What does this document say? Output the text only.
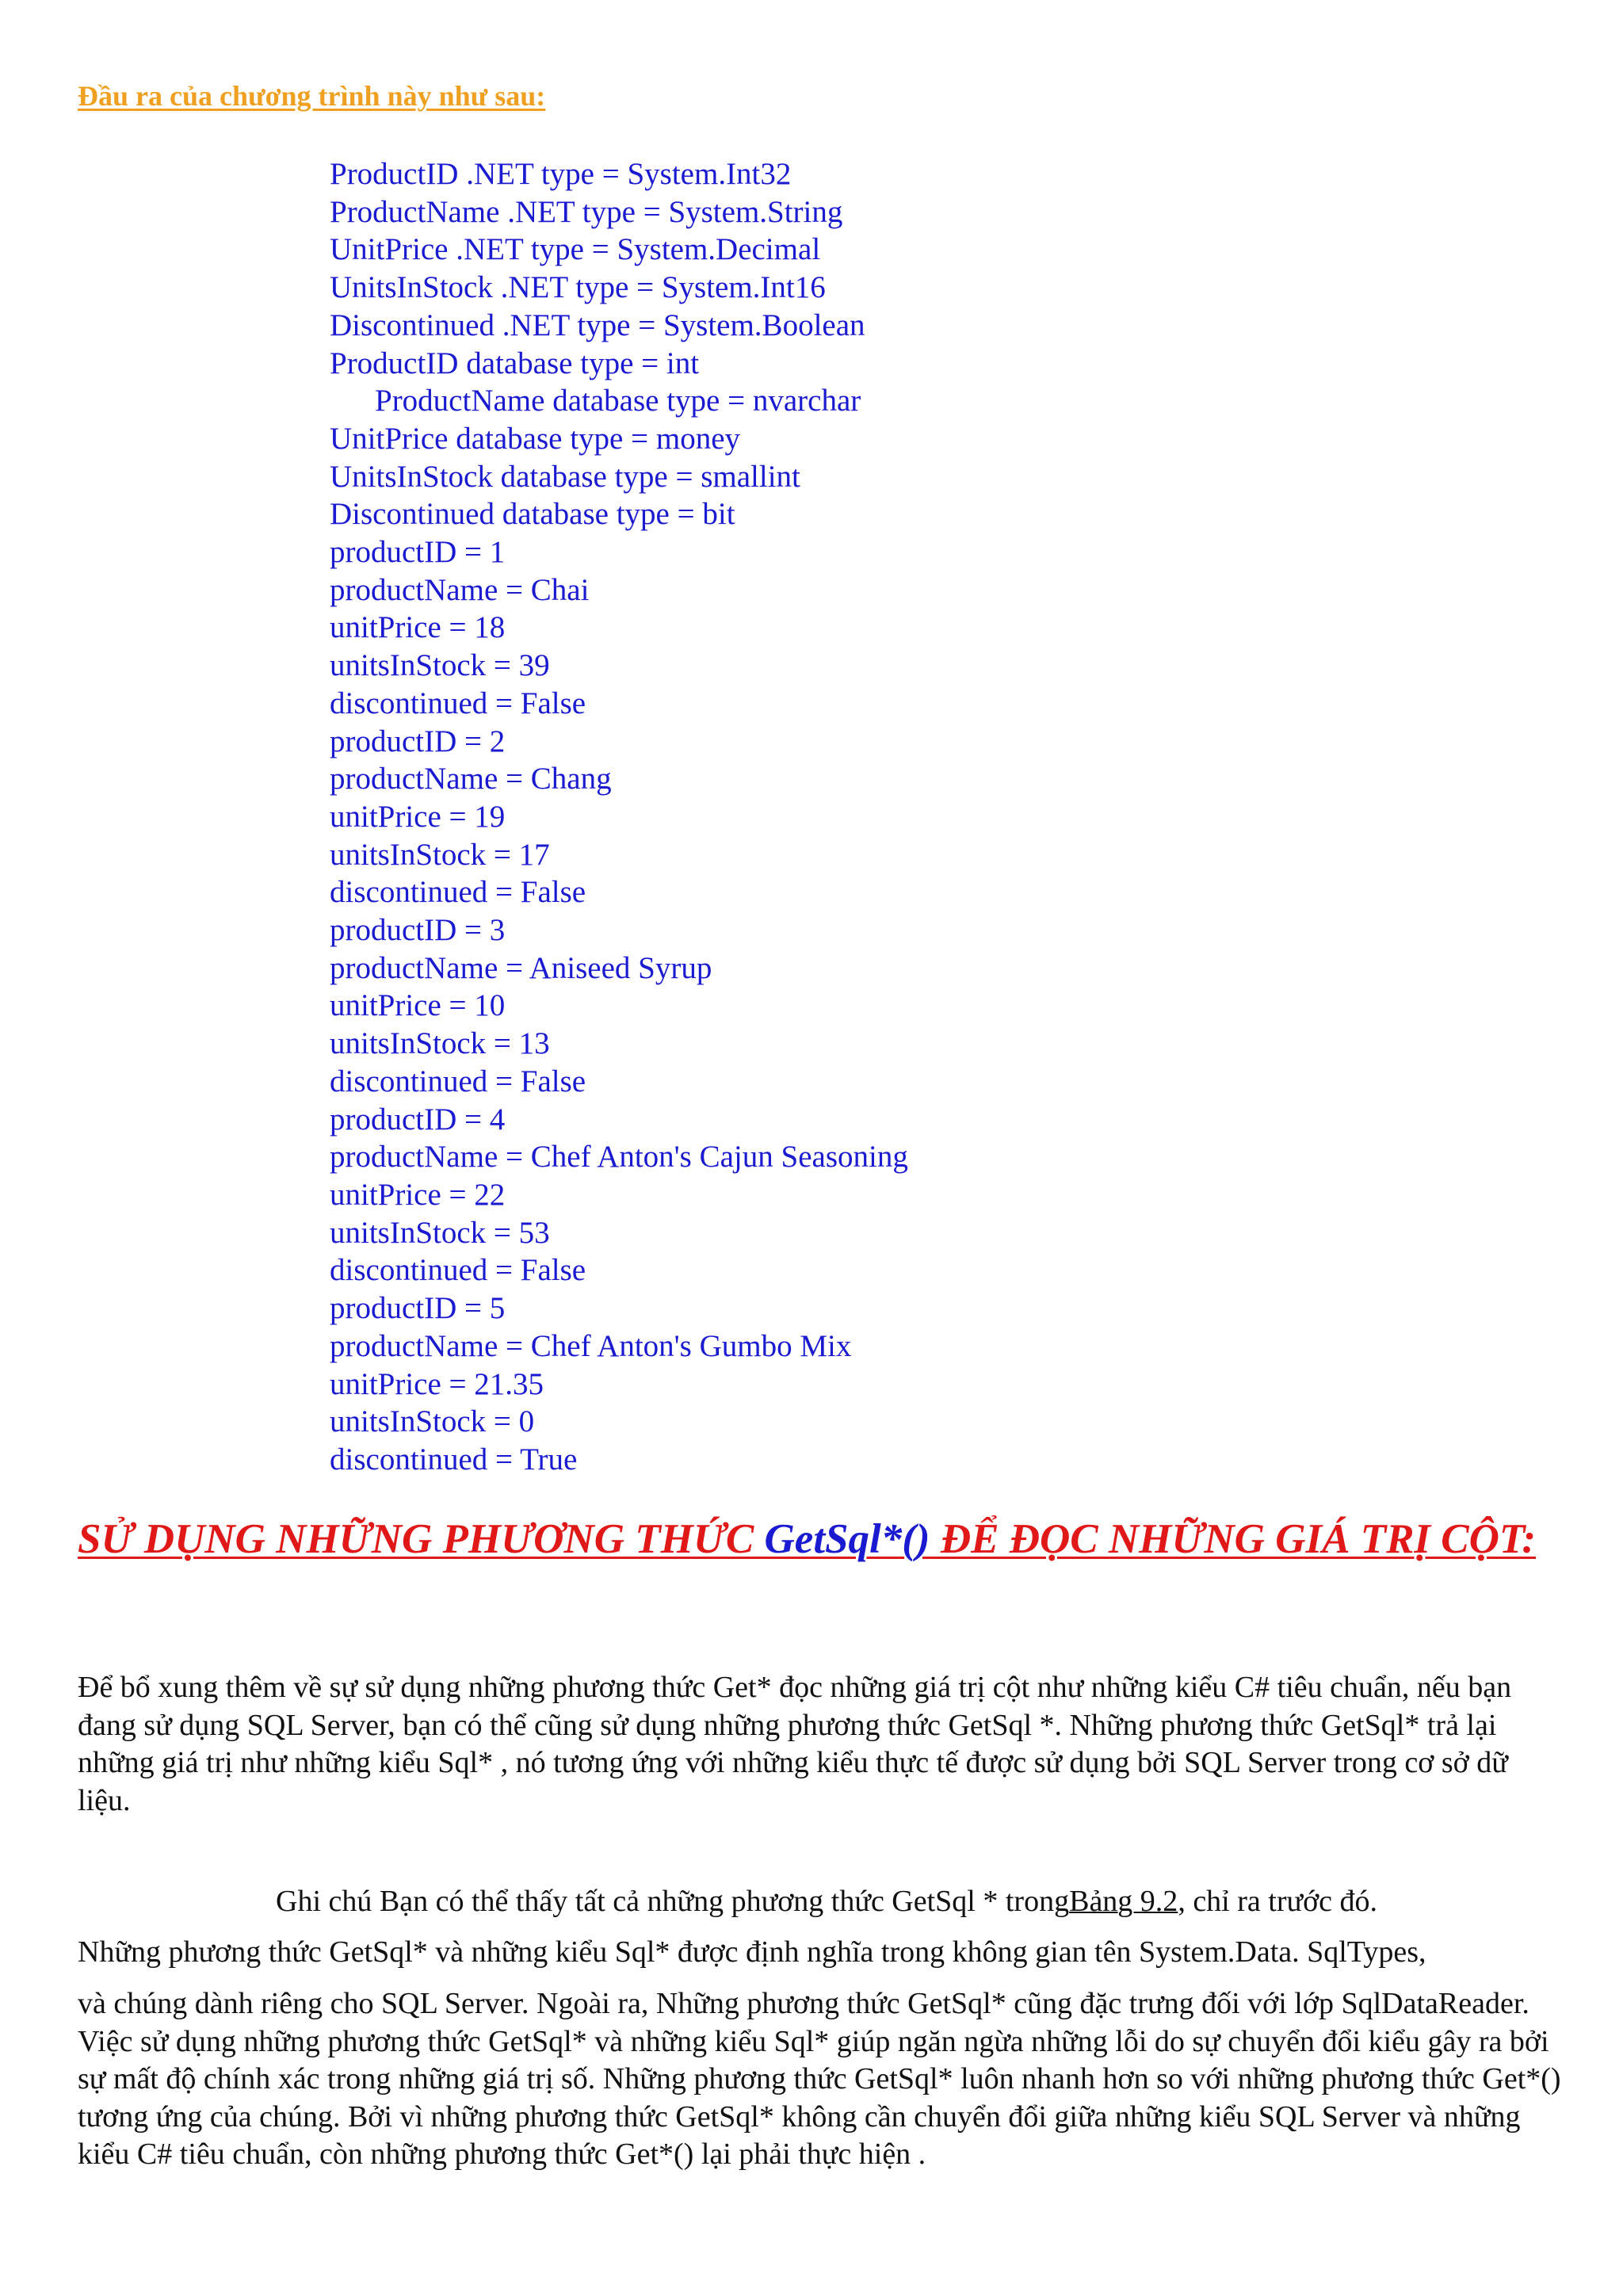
Đầu ra của chương trình này như sau:
ProductID .NET type = System.Int32
ProductName .NET type = System.String
UnitPrice .NET type = System.Decimal
UnitsInStock .NET type = System.Int16
Discontinued .NET type = System.Boolean
ProductID database type = int
ProductName database type = nvarchar
UnitPrice database type = money
UnitsInStock database type = smallint
Discontinued database type = bit
productID = 1
productName = Chai
unitPrice = 18
unitsInStock = 39
discontinued = False
productID = 2
productName = Chang
unitPrice = 19
unitsInStock = 17
discontinued = False
productID = 3
productName = Aniseed Syrup
unitPrice = 10
unitsInStock = 13
discontinued = False
productID = 4
productName = Chef Anton's Cajun Seasoning
unitPrice = 22
unitsInStock = 53
discontinued = False
productID = 5
productName = Chef Anton's Gumbo Mix
unitPrice = 21.35
unitsInStock = 0
discontinued = True
SỬ DỤNG NHỮNG PHƯƠNG THỨC GetSql*() ĐỂ ĐỌC NHỮNG GIÁ TRỊ CỘT:

Để bổ xung thêm về sự sử dụng những phương thức Get* đọc những giá trị cột như những kiểu C# tiêu chuẩn, nếu bạn đang sử dụng SQL Server, bạn có thể cũng sử dụng những phương thức GetSql *. Những phương thức GetSql* trả lại những giá trị như những kiểu Sql* , nó tương ứng với những kiểu thực tế được sử dụng bởi SQL Server trong cơ sở dữ liệu.

Ghi chú Bạn có thể thấy tất cả những phương thức GetSql * trongBảng 9.2, chỉ ra trước đó.

Những phương thức GetSql* và những kiểu Sql* được định nghĩa trong không gian tên System.Data. SqlTypes,

và chúng dành riêng cho SQL Server. Ngoài ra, Những phương thức GetSql* cũng đặc trưng đối với lớp SqlDataReader. Việc sử dụng những phương thức GetSql* và những kiểu Sql* giúp ngăn ngừa những lỗi do sự chuyển đổi kiểu gây ra bởi sự mất độ chính xác trong những giá trị số. Những phương thức GetSql* luôn nhanh hơn so với những phương thức Get*() tương ứng của chúng. Bởi vì những phương thức GetSql* không cần chuyển đổi giữa những kiểu SQL Server và những kiểu C# tiêu chuẩn, còn những phương thức Get*() lại phải thực hiện .
